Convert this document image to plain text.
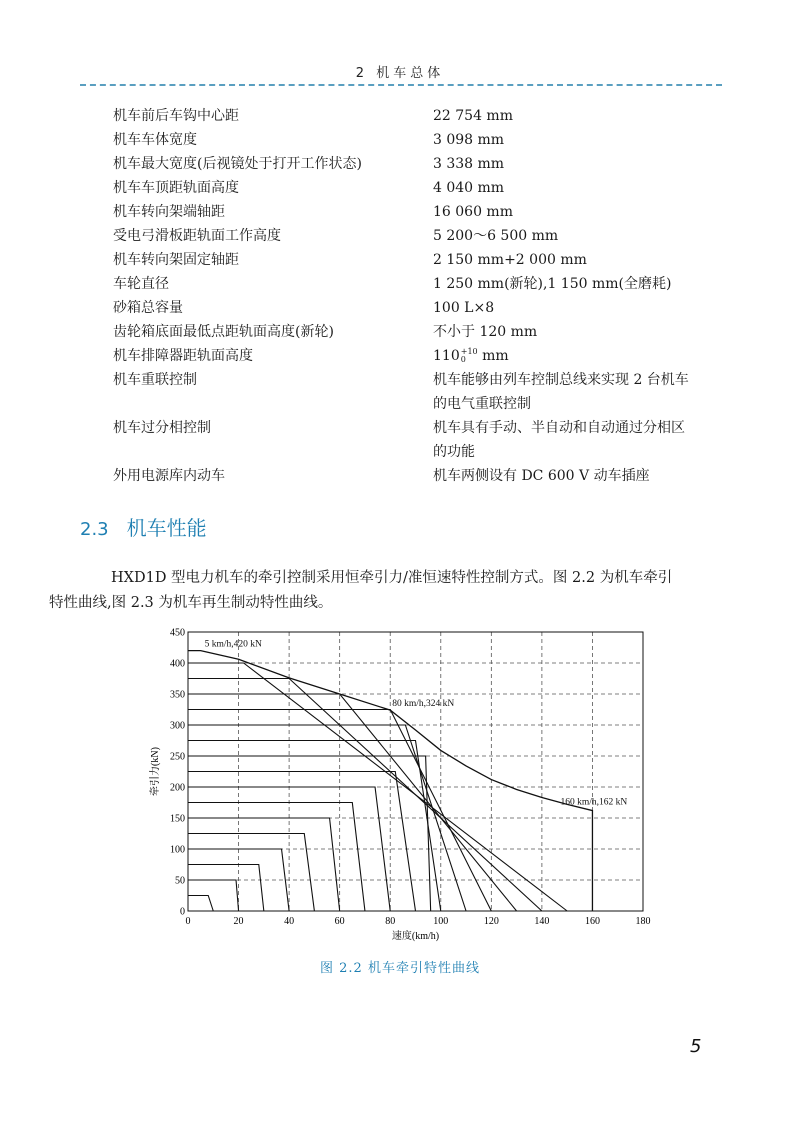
2 机车总体
机车前后车钩中心距	22 754 mm
机车车体宽度	3 098 mm
机车最大宽度(后视镜处于打开工作状态)	3 338 mm
机车车顶距轨面高度	4 040 mm
机车转向架端轴距	16 060 mm
受电弓滑板距轨面工作高度	5 200～6 500 mm
机车转向架固定轴距	2 150 mm+2 000 mm
车轮直径	1 250 mm(新轮),1 150 mm(全磨耗)
砂箱总容量	100 L×8
齿轮箱底面最低点距轨面高度(新轮)	不小于 120 mm
机车排障器距轨面高度	110 +10
0 mm
机车重联控制	机车能够由列车控制总线来实现 2 台机车
的电气重联控制
机车过分相控制	机车具有手动、半自动和自动通过分相区
的功能
外用电源库内动车	机车两侧设有 DC 600 V 动车插座
2.3 机车性能
HXD1D 型电力机车的牵引控制采用恒牵引力/准恒速特性控制方式。图 2.2 为机车牵引
特性曲线,图 2.3 为机车再生制动特性曲线。
0	20	40	60	80	100	120	140	160	180
0
50
100
150
200
250
300
350
400
450
速度(km/h)
牵引力(kN)
5 km/h,420 kN
80 km/h,324 kN
160 km/h,162 kN
图 2.2 机车牵引特性曲线
5
